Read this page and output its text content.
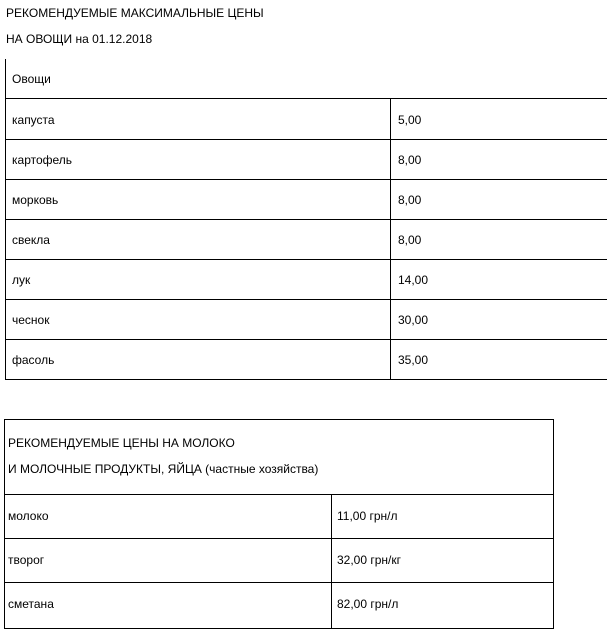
РЕКОМЕНДУЕМЫЕ МАКСИМАЛЬНЫЕ ЦЕНЫ
НА ОВОЩИ на 01.12.2018
Овощи
капуста	5,00
картофель	8,00
морковь	8,00
свекла	8,00
лук	14,00
чеснок	30,00
фасоль	35,00
РЕКОМЕНДУЕМЫЕ ЦЕНЫ НА МОЛОКО
И МОЛОЧНЫЕ ПРОДУКТЫ, ЯЙЦА (частные хозяйства)
молоко	11,00 грн/л
творог	32,00 грн/кг
сметана	82,00 грн/л
